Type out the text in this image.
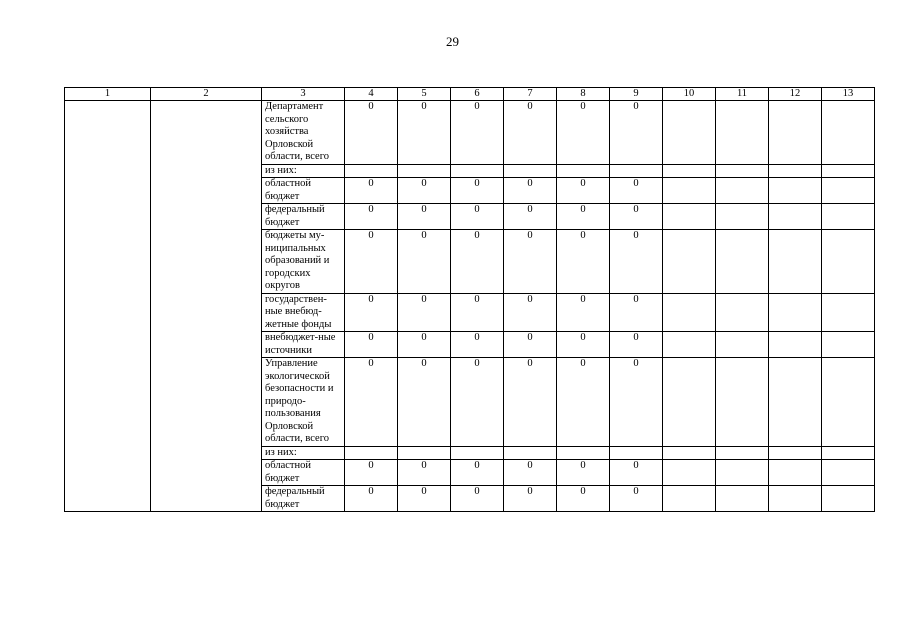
29
1	2	3	4	5	6	7	8	9	10	11	12	13
		Департамент сельского хозяйства Орловской области, всего	0	0	0	0	0	0				
		из них:										
		областной бюджет	0	0	0	0	0	0				
		федеральный бюджет	0	0	0	0	0	0				
		бюджеты му-ниципальных образований и городских округов	0	0	0	0	0	0				
		государствен-ные внебюд-жетные фонды	0	0	0	0	0	0				
		внебюджет-ные источники	0	0	0	0	0	0				
		Управление экологической безопасности и природо-пользования Орловской области, всего	0	0	0	0	0	0				
		из них:										
		областной бюджет	0	0	0	0	0	0				
		федеральный бюджет	0	0	0	0	0	0				
